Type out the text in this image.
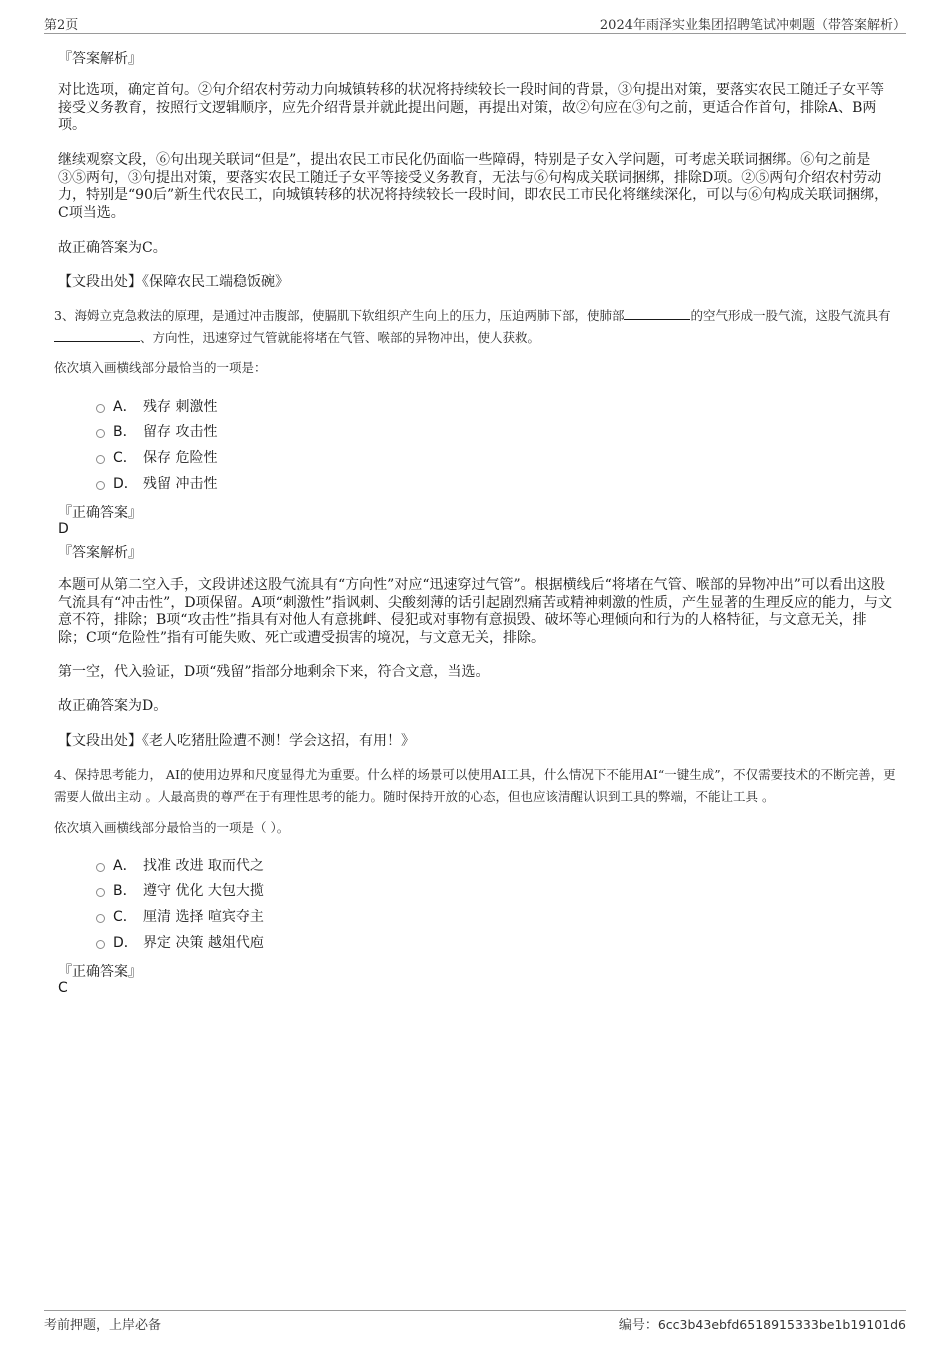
第2页	2024年雨泽实业集团招聘笔试冲刺题（带答案解析）
『答案解析』
对比选项，确定首句。②句介绍农村劳动力向城镇转移的状况将持续较长一段时间的背景，③句提出对策，要落实农民工随迁子女平等接受义务教育，按照行文逻辑顺序，应先介绍背景并就此提出问题，再提出对策，故②句应在③句之前，更适合作首句，排除A、B两项。
继续观察文段，⑥句出现关联词“但是”，提出农民工市民化仍面临一些障碍，特别是子女入学问题，可考虑关联词捆绑。⑥句之前是③⑤两句，③句提出对策，要落实农民工随迁子女平等接受义务教育，无法与⑥句构成关联词捆绑，排除D项。②⑤两句介绍农村劳动力，特别是“90后”新生代农民工，向城镇转移的状况将持续较长一段时间，即农民工市民化将继续深化，可以与⑥句构成关联词捆绑，C项当选。
故正确答案为C。
【文段出处】《保障农民工端稳饭碗》
3、海姆立克急救法的原理，是通过冲击腹部，使膈肌下软组织产生向上的压力，压迫两肺下部，使肺部	的空气形成一股气流，这股气流具有、方向性，迅速穿过气管就能将堵在气管、喉部的异物冲出，使人获救。
依次填入画横线部分最恰当的一项是：
A． 残存 刺激性
B． 留存 攻击性
C． 保存 危险性
D． 残留 冲击性
『正确答案』
D
『答案解析』
本题可从第二空入手，文段讲述这股气流具有“方向性”对应“迅速穿过气管”。根据横线后“将堵在气管、喉部的异物冲出”可以看出这股气流具有“冲击性”，D项保留。A项“刺激性”指讽刺、尖酸刻薄的话引起剧烈痛苦或精神刺激的性质，产生显著的生理反应的能力，与文意不符，排除；B项“攻击性”指具有对他人有意挑衅、侵犯或对事物有意损毁、破坏等心理倾向和行为的人格特征，与文意无关，排除；C项“危险性”指有可能失败、死亡或遭受损害的境况，与文意无关，排除。
第一空，代入验证，D项“残留”指部分地剩余下来，符合文意，当选。
故正确答案为D。
【文段出处】《老人吃猪肚险遭不测！学会这招，有用！》
4、保持思考能力， AI的使用边界和尺度显得尤为重要。什么样的场景可以使用AI工具，什么情况下不能用AI“一键生成”，不仅需要技术的不断完善，更需要人做出主动 。人最高贵的尊严在于有理性思考的能力。随时保持开放的心态，但也应该清醒认识到工具的弊端，不能让工具 。
依次填入画横线部分最恰当的一项是（ ）。
A． 找准 改进 取而代之
B． 遵守 优化 大包大揽
C． 厘清 选择 喧宾夺主
D． 界定 决策 越俎代庖
『正确答案』
C
考前押题，上岸必备	编号：6cc3b43ebfd6518915333be1b19101d6
